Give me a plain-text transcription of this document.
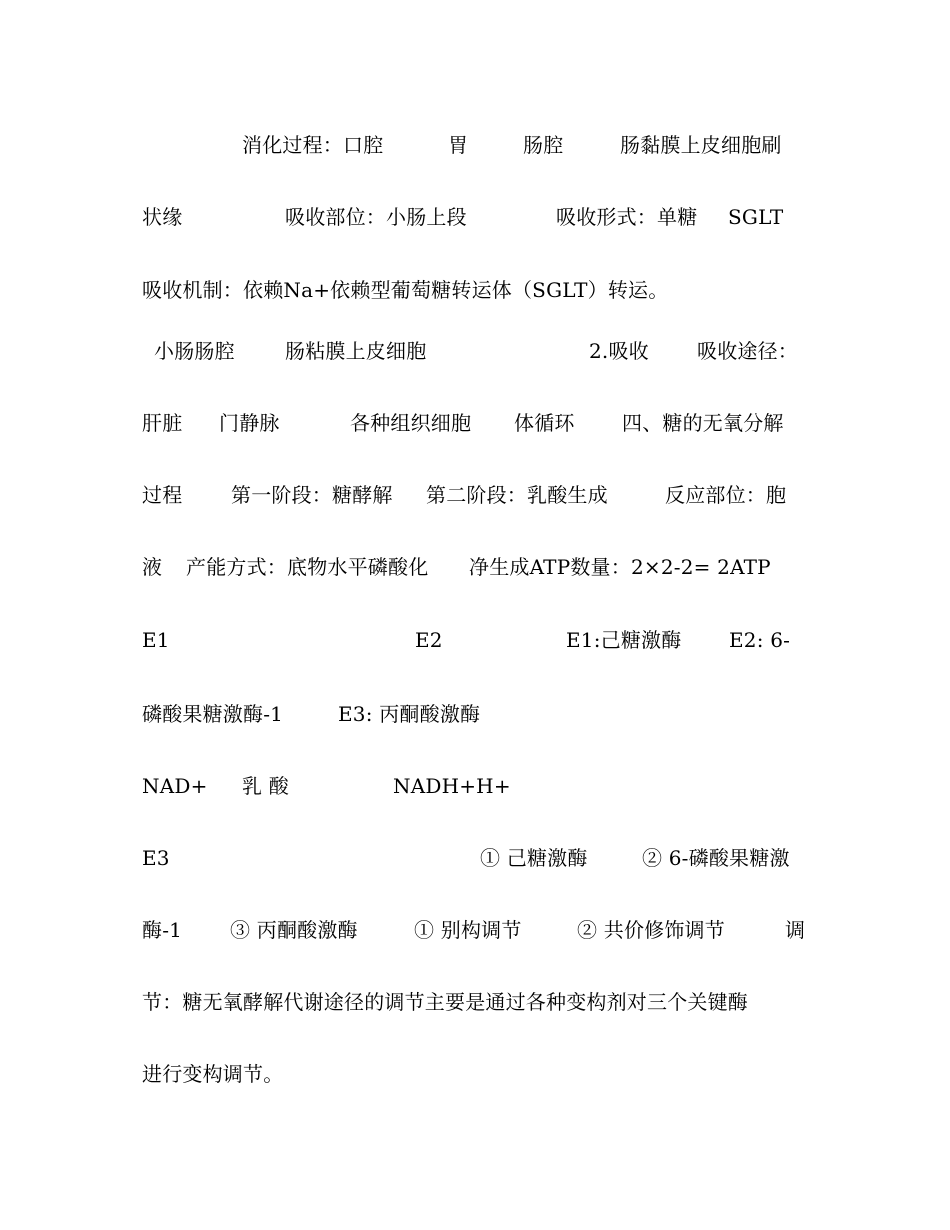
消化过程：口腔	胃	肠腔	肠黏膜上皮细胞刷
状缘	吸收部位：小肠上段	吸收形式：单糖 SGLT
吸收机制：依赖Na+依赖型葡萄糖转运体（SGLT）转运。
小肠肠腔	肠粘膜上皮细胞	2.吸收 吸收途径：
肝脏 门静脉	各种组织细胞 体循环 四、糖的无氧分解
过程 第一阶段：糖酵解 第二阶段：乳酸生成	反应部位：胞
液 产能方式：底物水平磷酸化 净生成ATP数量：2×2-2= 2ATP
E1	E2	E1:己糖激酶 E2: 6-
磷酸果糖激酶-1	E3: 丙酮酸激酶
NAD+ 乳 酸	NADH+H+
E3	① 己糖激酶	② 6-磷酸果糖激
酶-1 ③ 丙酮酸激酶	① 别构调节	② 共价修饰调节	调
节：糖无氧酵解代谢途径的调节主要是通过各种变构剂对三个关键酶
进行变构调节。
